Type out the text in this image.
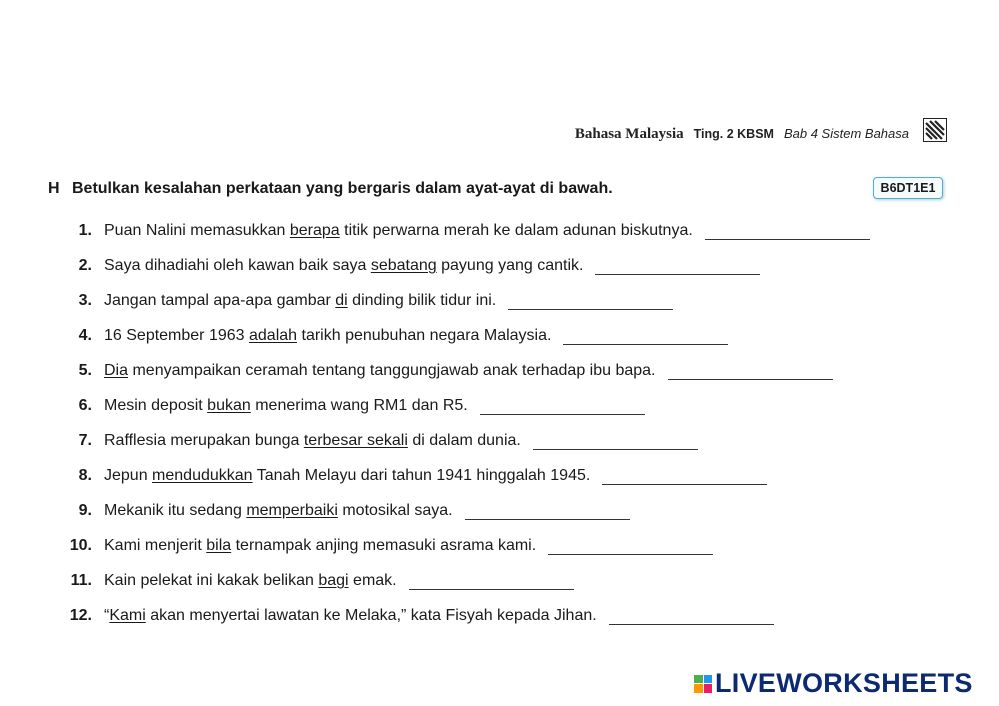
Bahasa Malaysia Ting. 2 KBSM Bab 4 Sistem Bahasa
H Betulkan kesalahan perkataan yang bergaris dalam ayat-ayat di bawah.	B6DT1E1
1. Puan Nalini memasukkan berapa titik perwarna merah ke dalam adunan biskutnya.
2. Saya dihadiahi oleh kawan baik saya sebatang payung yang cantik.
3. Jangan tampal apa-apa gambar di dinding bilik tidur ini.
4. 16 September 1963 adalah tarikh penubuhan negara Malaysia.
5. Dia menyampaikan ceramah tentang tanggungjawab anak terhadap ibu bapa.
6. Mesin deposit bukan menerima wang RM1 dan R5.
7. Rafflesia merupakan bunga terbesar sekali di dalam dunia.
8. Jepun mendudukkan Tanah Melayu dari tahun 1941 hinggalah 1945.
9. Mekanik itu sedang memperbaiki motosikal saya.
10. Kami menjerit bila ternampak anjing memasuki asrama kami.
11. Kain pelekat ini kakak belikan bagi emak.
12. “Kami akan menyertai lawatan ke Melaka,” kata Fisyah kepada Jihan.
LIVEWORKSHEETS
